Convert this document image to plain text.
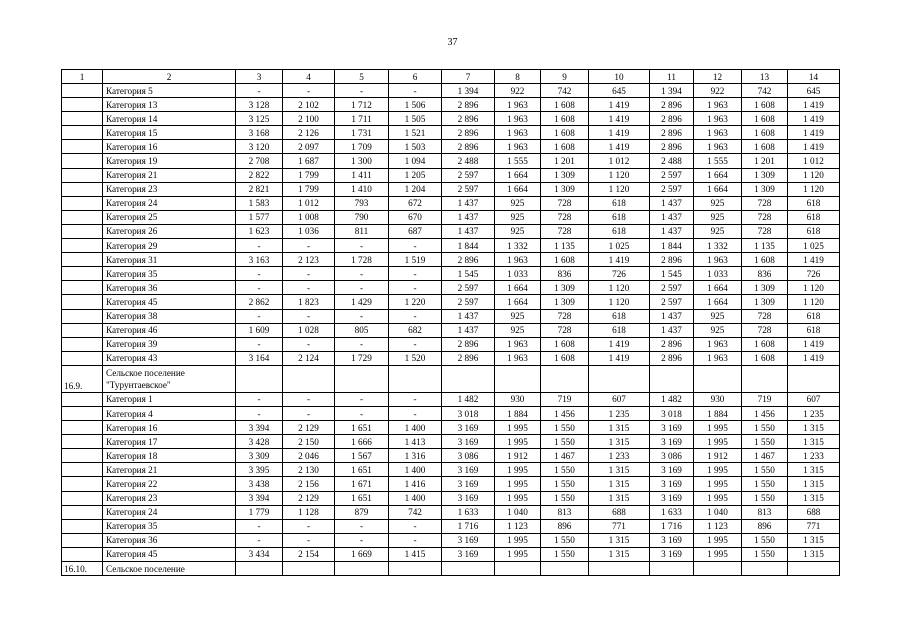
37
1	2	3	4	5	6	7	8	9	10	11	12	13	14
	Категория 5	-	-	-	-	1 394	922	742	645	1 394	922	742	645
	Категория 13	3 128	2 102	1 712	1 506	2 896	1 963	1 608	1 419	2 896	1 963	1 608	1 419
	Категория 14	3 125	2 100	1 711	1 505	2 896	1 963	1 608	1 419	2 896	1 963	1 608	1 419
	Категория 15	3 168	2 126	1 731	1 521	2 896	1 963	1 608	1 419	2 896	1 963	1 608	1 419
	Категория 16	3 120	2 097	1 709	1 503	2 896	1 963	1 608	1 419	2 896	1 963	1 608	1 419
	Категория 19	2 708	1 687	1 300	1 094	2 488	1 555	1 201	1 012	2 488	1 555	1 201	1 012
	Категория 21	2 822	1 799	1 411	1 205	2 597	1 664	1 309	1 120	2 597	1 664	1 309	1 120
	Категория 23	2 821	1 799	1 410	1 204	2 597	1 664	1 309	1 120	2 597	1 664	1 309	1 120
	Категория 24	1 583	1 012	793	672	1 437	925	728	618	1 437	925	728	618
	Категория 25	1 577	1 008	790	670	1 437	925	728	618	1 437	925	728	618
	Категория 26	1 623	1 036	811	687	1 437	925	728	618	1 437	925	728	618
	Категория 29	-	-	-	-	1 844	1 332	1 135	1 025	1 844	1 332	1 135	1 025
	Категория 31	3 163	2 123	1 728	1 519	2 896	1 963	1 608	1 419	2 896	1 963	1 608	1 419
	Категория 35	-	-	-	-	1 545	1 033	836	726	1 545	1 033	836	726
	Категория 36	-	-	-	-	2 597	1 664	1 309	1 120	2 597	1 664	1 309	1 120
	Категория 45	2 862	1 823	1 429	1 220	2 597	1 664	1 309	1 120	2 597	1 664	1 309	1 120
	Категория 38	-	-	-	-	1 437	925	728	618	1 437	925	728	618
	Категория 46	1 609	1 028	805	682	1 437	925	728	618	1 437	925	728	618
	Категория 39	-	-	-	-	2 896	1 963	1 608	1 419	2 896	1 963	1 608	1 419
	Категория 43	3 164	2 124	1 729	1 520	2 896	1 963	1 608	1 419	2 896	1 963	1 608	1 419
16.9.	Сельское поселение "Турунтаевское"												
	Категория 1	-	-	-	-	1 482	930	719	607	1 482	930	719	607
	Категория 4	-	-	-	-	3 018	1 884	1 456	1 235	3 018	1 884	1 456	1 235
	Категория 16	3 394	2 129	1 651	1 400	3 169	1 995	1 550	1 315	3 169	1 995	1 550	1 315
	Категория 17	3 428	2 150	1 666	1 413	3 169	1 995	1 550	1 315	3 169	1 995	1 550	1 315
	Категория 18	3 309	2 046	1 567	1 316	3 086	1 912	1 467	1 233	3 086	1 912	1 467	1 233
	Категория 21	3 395	2 130	1 651	1 400	3 169	1 995	1 550	1 315	3 169	1 995	1 550	1 315
	Категория 22	3 438	2 156	1 671	1 416	3 169	1 995	1 550	1 315	3 169	1 995	1 550	1 315
	Категория 23	3 394	2 129	1 651	1 400	3 169	1 995	1 550	1 315	3 169	1 995	1 550	1 315
	Категория 24	1 779	1 128	879	742	1 633	1 040	813	688	1 633	1 040	813	688
	Категория 35	-	-	-	-	1 716	1 123	896	771	1 716	1 123	896	771
	Категория 36	-	-	-	-	3 169	1 995	1 550	1 315	3 169	1 995	1 550	1 315
	Категория 45	3 434	2 154	1 669	1 415	3 169	1 995	1 550	1 315	3 169	1 995	1 550	1 315
16.10.	Сельское поселение												
